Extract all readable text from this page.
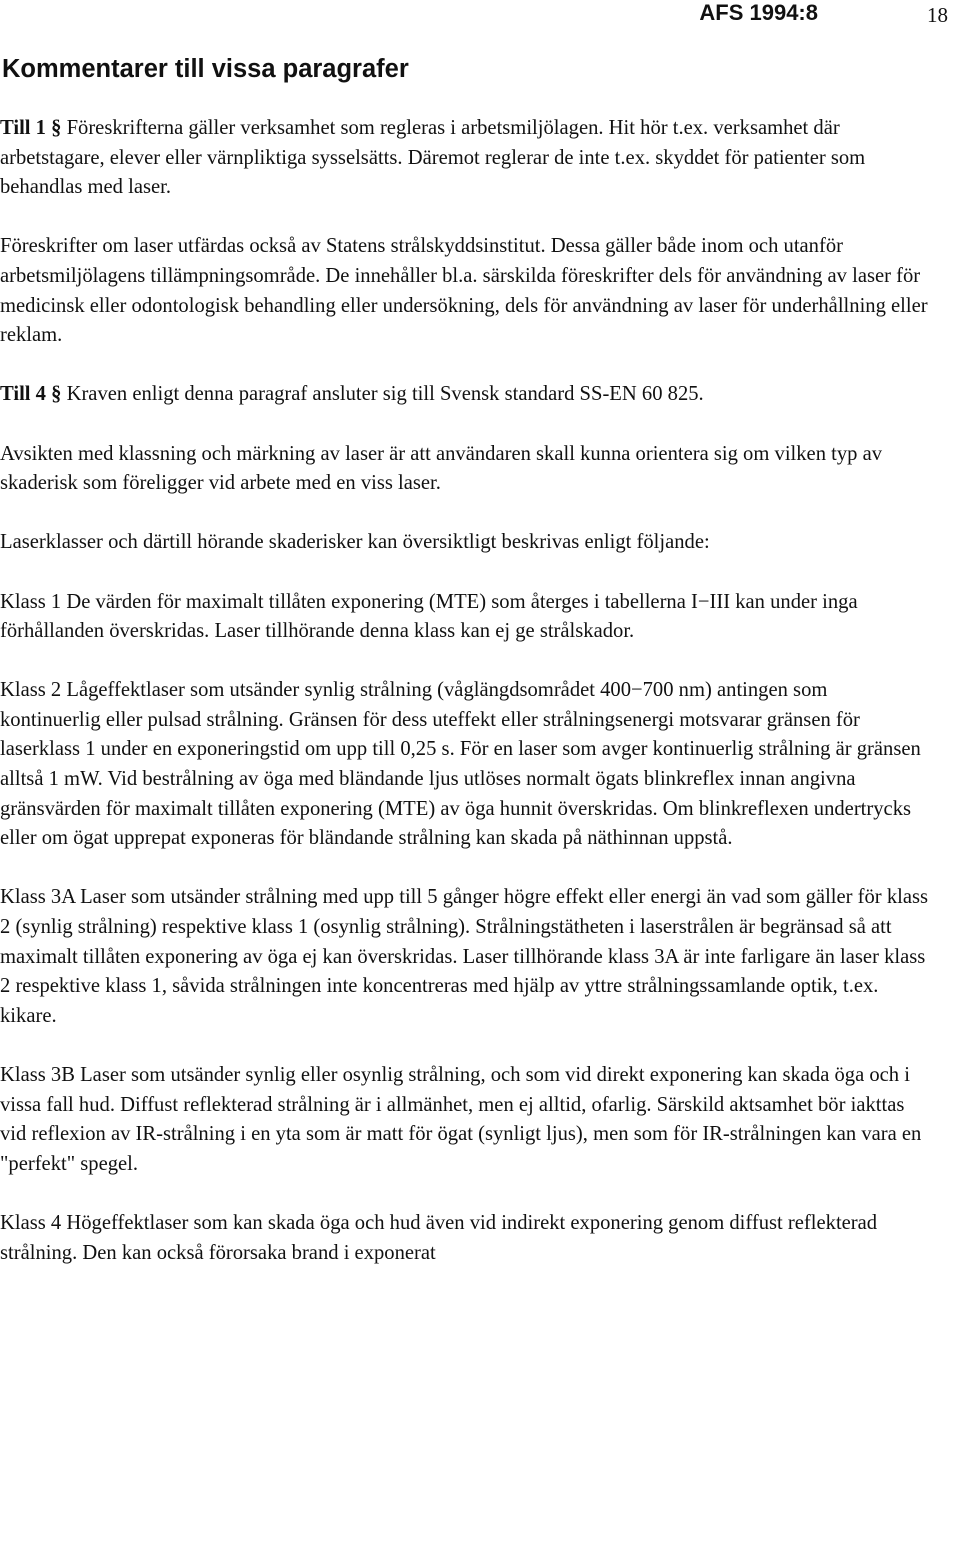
AFS 1994:8	18
Kommentarer till vissa paragrafer

Till 1 § Föreskrifterna gäller verksamhet som regleras i arbetsmiljölagen. Hit hör t.ex. verksamhet där arbetstagare, elever eller värnpliktiga sysselsätts. Däremot reglerar de inte t.ex. skyddet för patienter som behandlas med laser.

Föreskrifter om laser utfärdas också av Statens strålskyddsinstitut. Dessa gäller både inom och utanför arbetsmiljölagens tillämpningsområde. De innehåller bl.a. särskilda föreskrifter dels för användning av laser för medicinsk eller odontologisk behandling eller undersökning, dels för användning av laser för underhållning eller reklam.

Till 4 § Kraven enligt denna paragraf ansluter sig till Svensk standard SS-EN 60 825.

Avsikten med klassning och märkning av laser är att användaren skall kunna orientera sig om vilken typ av skaderisk som föreligger vid arbete med en viss laser.

Laserklasser och därtill hörande skaderisker kan översiktligt beskrivas enligt följande:

Klass 1 De värden för maximalt tillåten exponering (MTE) som återges i tabellerna I−III kan under inga förhållanden överskridas. Laser tillhörande denna klass kan ej ge strålskador.

Klass 2 Lågeffektlaser som utsänder synlig strålning (våglängdsområdet 400−700 nm) antingen som kontinuerlig eller pulsad strålning. Gränsen för dess uteffekt eller strålningsenergi motsvarar gränsen för laserklass 1 under en exponeringstid om upp till 0,25 s. För en laser som avger kontinuerlig strålning är gränsen alltså 1 mW. Vid bestrålning av öga med bländande ljus utlöses normalt ögats blinkreflex innan angivna gränsvärden för maximalt tillåten exponering (MTE) av öga hunnit överskridas. Om blinkreflexen undertrycks eller om ögat upprepat exponeras för bländande strålning kan skada på näthinnan uppstå.

Klass 3A Laser som utsänder strålning med upp till 5 gånger högre effekt eller energi än vad som gäller för klass 2 (synlig strålning) respektive klass 1 (osynlig strålning). Strålningstätheten i laserstrålen är begränsad så att maximalt tillåten exponering av öga ej kan överskridas. Laser tillhörande klass 3A är inte farligare än laser klass 2 respektive klass 1, såvida strålningen inte koncentreras med hjälp av yttre strålningssamlande optik, t.ex. kikare.

Klass 3B Laser som utsänder synlig eller osynlig strålning, och som vid direkt exponering kan skada öga och i vissa fall hud. Diffust reflekterad strålning är i allmänhet, men ej alltid, ofarlig. Särskild aktsamhet bör iakttas vid reflexion av IR-strålning i en yta som är matt för ögat (synligt ljus), men som för IR-strålningen kan vara en "perfekt" spegel.

Klass 4 Högeffektlaser som kan skada öga och hud även vid indirekt exponering genom diffust reflekterad strålning. Den kan också förorsaka brand i exponerat
